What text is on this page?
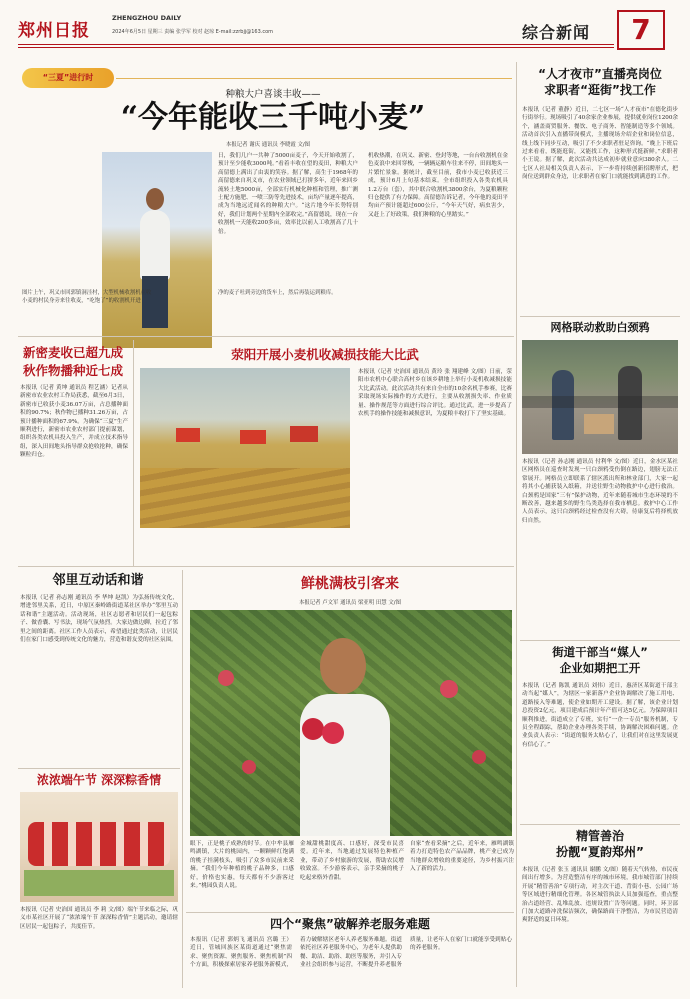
郑州日报
ZHENGZHOU DAILY
2024年6月5日 星期三 责编 张学军 校对 赵琼 E-mail:zzrbjj@163.com	综合新闻	7
“三夏”进行时
种粮大户喜谈丰收——
“今年能收三千吨小麦”
本报记者 谢庆 通讯员 李晓霞 文/图
日，我们几户一共种了5000亩麦子，今天开始收割了，预计至少能收3000吨。”看着丰收在望的麦田，种粮大户高留德上满出了由衷的笑容。据了解，高生于1968年的高留德来自巩义市，在农业领域已打拼多年，近年来回乡流转土地5000亩，全部实行机械化种植和管理，推广测土配方施肥、一喷三防等先进技术，亩均产量逐年提高，成为当地远近闻名的种粮大户。“这片地今年长势特别好，我们计划两个星期内全部收完。”高留德说，现在一台收割机一天能收200多亩，效率比以前人工收割高了几十倍。
机收热潮，在巩义、新密、登封等地，一台台收割机在金色麦浪中来回穿梭，一辆辆运粮车往来不停，田间地头一片繁忙景象。据统计，截至目前，我市小麦已收获近三成，预计6月上旬基本结束。全市组织投入各类农机具1.2万台（套），其中联合收割机3800余台，为夏粮颗粒归仓提供了有力保障。高留德告诉记者，今年他的麦田平均亩产预计能超过600公斤，“今年天气好，病虫害少，又赶上了好政策，我们种粮的心里踏实。”
图片上午，巩义市回郭镇洞洼村，大型机械收割机在收小麦的村民身旁来往收麦，“吃饱了”的收割机开进
净的麦子吐到旁边的货车上，然后再装运到粮库。
“人才夜市”直播亮岗位
求职者“逛街”找工作
本报讯（记者 董静）近日，二七区一场“人才夜市”在德化街步行街举行。现场吸引了40余家企业参展，提供就业岗位1200余个，涵盖商贸服务、餐饮、电子商务、智能制造等多个领域。活动首次引入直播带岗模式，主播现场介绍企业和岗位信息，线上线下同步互动，吸引了不少求职者驻足咨询。“晚上下班后过来看看，既能逛街，又能找工作，这种形式挺新鲜。”求职者小王说。据了解，此次活动共达成初步就业意向380余人。二七区人社局相关负责人表示，下一步将持续创新招聘形式，把岗位送到群众身边，让求职者在家门口就能找到满意的工作。
网格联动救助白颈鸦
本报讯（记者 孙志刚 通讯员 付利华 文/图）近日，金水区某社区网格员在巡查时发现一只白颈鸦受伤倒在路边，翅膀无法正常展开。网格员立即联系了辖区派出所和林业部门，大家一起将其小心捕获装入纸箱，并送往野生动物救护中心进行救治。白颈鸦是国家“三有”保护动物，近年来随着城市生态环境的不断改善，越来越多的野生鸟类选择在我市栖息。救护中心工作人员表示，这只白颈鸦经过检查没有大碍，待康复后将择机放归自然。
街道干部当“媒人”
企业如期把工开
本报讯（记者 陈凯 通讯员 刘伟）近日，惠济区某街道干部主动当起“媒人”，为辖区一家新落户企业协调解决了施工用电、道路接入等难题，使企业如期开工建设。据了解，该企业计划总投资2亿元，项目建成后预计年产值可达5亿元。为保障项目顺利推进，街道成立了专班，实行“一企一专员”服务机制，专员全程跟踪，帮助企业办理各类手续，协调解决困难问题。企业负责人表示：“街道的服务太贴心了，让我们对在这里发展更有信心了。”
精管善治
扮靓“夏韵郑州”
本报讯（记者 张玉 通讯员 谢鹏 文/图）随着天气转热，市民夜间出行增多。为营造整洁有序的城市环境，我市城管部门持续开展“精管善治”专项行动，对主次干道、背街小巷、公园广场等区域进行精细化管理。各区城管执法人员加强巡查，重点整治占道经营、乱堆乱放、违规设置广告等问题。同时，环卫部门加大道路冲洗保洁频次，确保路面干净整洁，为市民营造清爽舒适的夏日环境。
新密麦收已超九成
秋作物播种近七成
本报讯（记者 黄坤 通讯员 程艺涵）记者从新密市农业农村工作局获悉，截至6月3日，新密市已收获小麦36.07万亩，占总播种面积的90.7%；秋作物已播种31.26万亩，占预计播种面积的67.9%。为确保“三夏”生产顺利进行，新密市农业农村部门提前谋划，组织各类农机具投入生产，并成立技术指导组，深入田间地头指导群众抢收抢种，确保颗粒归仓。
荥阳开展小麦机收减损技能大比武
本报讯（记者 史治国 通讯员 黄玲 张 翔建峰 文/图）日前，荥阳市农机中心联合高村乡在该乡耕地上举行小麦机收减损技能大比武活动。此次活动共有来自全市的10余名机手参赛，比赛采取现场实际操作的方式进行，主要从收割损失率、作业质量、操作规范等方面进行综合评比。通过比武，进一步提高了农机手的操作技能和减损意识，为夏粮丰收打下了坚实基础。
邻里互动话和谐
本报讯（记者 孙志刚 通讯员 李 华坤 赵凯）为弘扬传统文化，增进邻里关系，近日，中原区秦岭路街道某社区举办“邻里互动话和谐”主题活动。活动现场，社区志愿者和居民们一起包粽子、做香囊、写书法，现场气氛热烈。大家边做边聊，拉近了邻里之间的距离。社区工作人员表示，希望通过此类活动，让居民们在家门口感受到传统文化的魅力，营造和谐友爱的社区氛围。
浓浓端午节 深深粽香情
本报讯（记者 史治国 通讯员 李 莉 文/图）端午节来临之际，巩义市某社区开展了“浓浓端午节 深深粽香情”主题活动，邀请辖区居民一起包粽子，共度佳节。
鲜桃满枝引客来
本报记者 卢文军 通讯员 梁亚明 田慧 文/图
眼下，正是桃子成熟的时节。在中牟县雁鸣湖镇，大片的桃园内，一颗颗鲜红饱满的桃子挂满枝头，吸引了众多市民前来采摘。“我们今年种植的桃子品种多，口感好，价格也实惠，每天都有不少游客过来。”桃园负责人说。
金城甜桃甜度高、口感好，深受市民喜爱。近年来，当地通过发展特色种植产业，带动了乡村旅游的发展，帮助农民增收致富。不少游客表示，亲手采摘的桃子吃起来格外香甜。
自家“查看采摘”之后，近年来，雁鸣湖镇着力打造特色农产品品牌，桃产业已成为当地群众增收的重要途径，为乡村振兴注入了新的活力。
四个“聚焦”破解养老服务难题
本报讯（记者 郭炳飞 通讯员 宫璐 王）近日，管城回族区某街道通过“聚焦需求、聚焦资源、聚焦服务、聚焦机制”四个方面，积极探索居家养老服务新模式，着力破解辖区老年人养老服务难题。街道依托社区养老服务中心，为老年人提供助餐、助洁、助浴、助医等服务，并引入专业社会组织参与运营，不断提升养老服务质量，让老年人在家门口就能享受到贴心的养老服务。
